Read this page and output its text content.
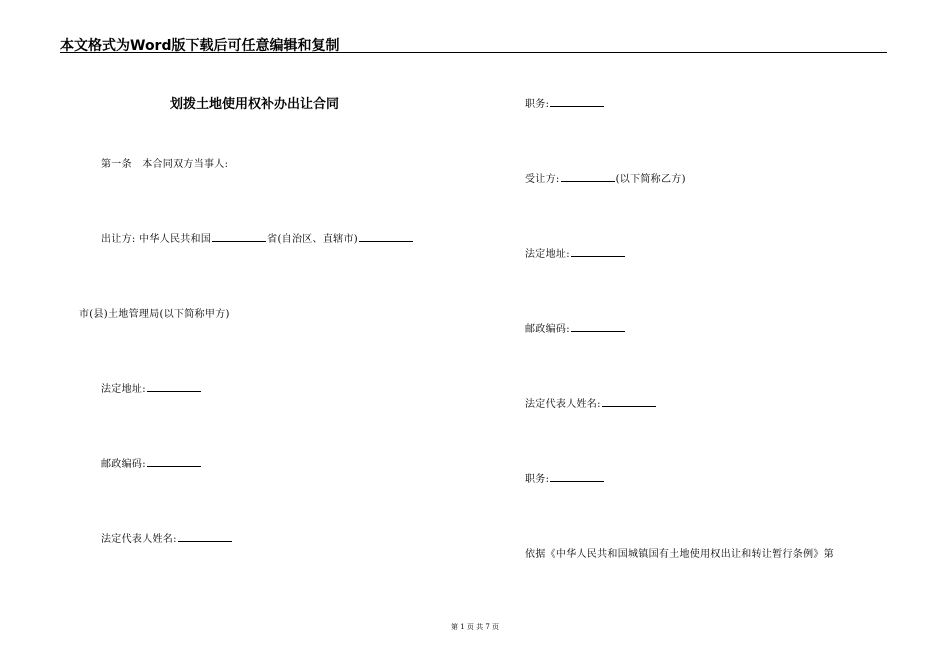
本文格式为Word版下载后可任意编辑和复制
划拨土地使用权补办出让合同
第一条　本合同双方当事人:
出让方: 中华人民共和国	省(自治区、直辖市)
市(县)土地管理局(以下简称甲方)
法定地址:
邮政编码:
法定代表人姓名:
职务:
受让方:	(以下简称乙方)
法定地址:
邮政编码:
法定代表人姓名:
职务:
依据《中华人民共和国城镇国有土地使用权出让和转让暂行条例》第
第 1 页 共 7 页
